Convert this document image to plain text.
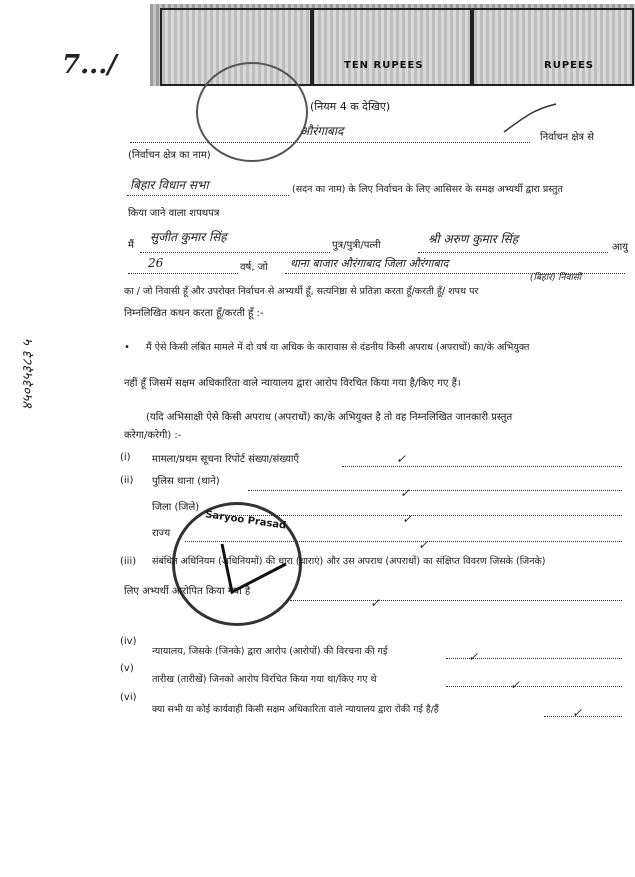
TEN RUPEES	RUPEES
7.../
४५०३५३८३ ५
(नियम 4 क देखिए)
औरंगाबाद	निर्वाचन क्षेत्र से
(निर्वाचन क्षेत्र का नाम)
बिहार विधान सभा	(सदन का नाम) के लिए निर्वाचन के लिए आसिसर के समक्ष अभ्यर्थी द्वारा प्रस्तुत
किया जाने वाला शपथपत्र
मैं
सुजीत कुमार सिंह
पुत्र/पुत्री/पत्नी	श्री अरुण कुमार सिंह
आयु
26	वर्ष, जो थाना बाजार औरंगाबाद जिला औरंगाबाद
(बिहार) निवासी
का / जो निवासी हूँ और उपरोक्त निर्वाचन से अभ्यर्थी हूँ, सत्यनिष्ठा से प्रतिज्ञा करता हूँ/करती हूँ/ शपथ पर
निम्नलिखित कथन करता हूँ/करती हूँ :-
• मैं ऐसे किसी लंबित मामले में दो वर्ष या अधिक के कारावास से दंडनीय किसी अपराध (अपराधों) का/के अभियुक्त
नहीं हूँ जिसमें सक्षम अधिकारिता वाले न्यायालय द्वारा आरोप विरचित किया गया है/किए गए हैं।
(यदि अभिसाक्षी ऐसे किसी अपराध (अपराधों) का/के अभियुक्त है तो वह निम्नलिखित जानकारी प्रस्तुत
करेगा/करेगी) :-
(i) मामला/प्रथम सूचना रिपोर्ट संख्या/संख्याएँ	✓
(ii) पुलिस थाना (थाने)
✓
जिला (जिले)
✓
राज्य
✓
Saryoo Prasad
(iii) संबंधित अधिनियम (अधिनियमों) की धारा (धाराएं) और उस अपराध (अपराधों) का संक्षिप्त विवरण जिसके (जिनके)
लिए अभ्यर्थी आरोपित किया गया है
✓
(iv)
न्यायालय, जिसके (जिनके) द्वारा आरोप (आरोपों) की विरचना की गई	✓
(v)
तारीख (तारीखें) जिनको आरोप विरचित किया गया था/किए गए थे	✓
(vi)
क्या सभी या कोई कार्यवाही किसी सक्षम अधिकारिता वाले न्यायालय द्वारा रोकी गई है/हैं	✓
